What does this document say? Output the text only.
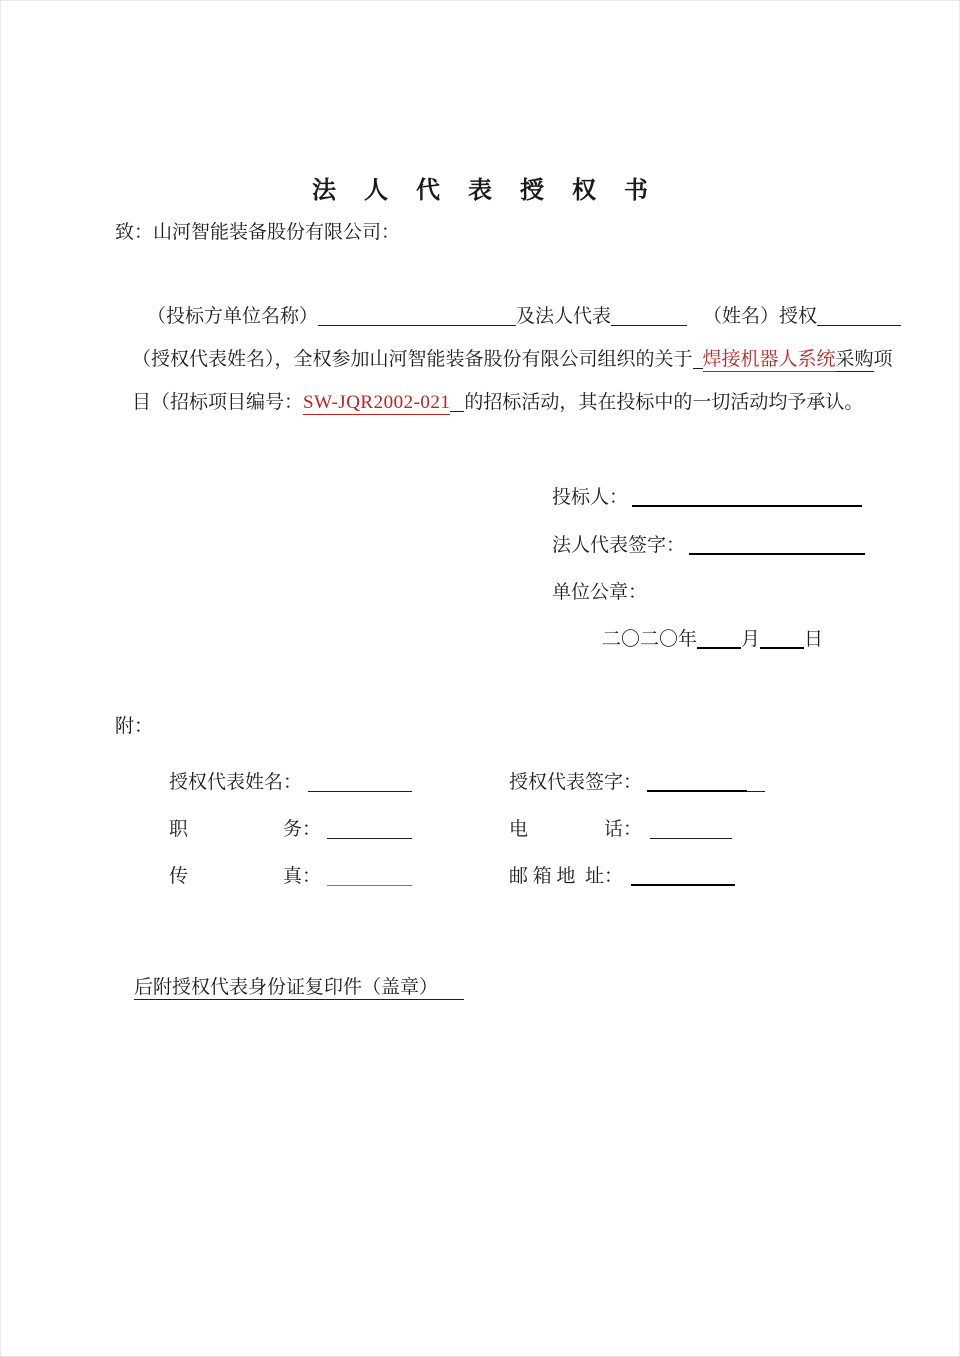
法人代表授权书
致：山河智能装备股份有限公司：

（投标方单位名称）	及法人代表	（姓名）授权

（授权代表姓名），全权参加山河智能装备股份有限公司组织的关于 焊接机器人系统采购项

目（招标项目编号：SW-JQR2002-021 的招标活动，其在投标中的一切活动均予承认。

投标人：

法人代表签字：

单位公章：

二〇二〇年 月 日

附：

授权代表姓名：
	授权代表签字：

职　　　　　务：
	电　　　　话：

传　　　　　真：
	邮 箱 地  址：

后附授权代表身份证复印件（盖章）
